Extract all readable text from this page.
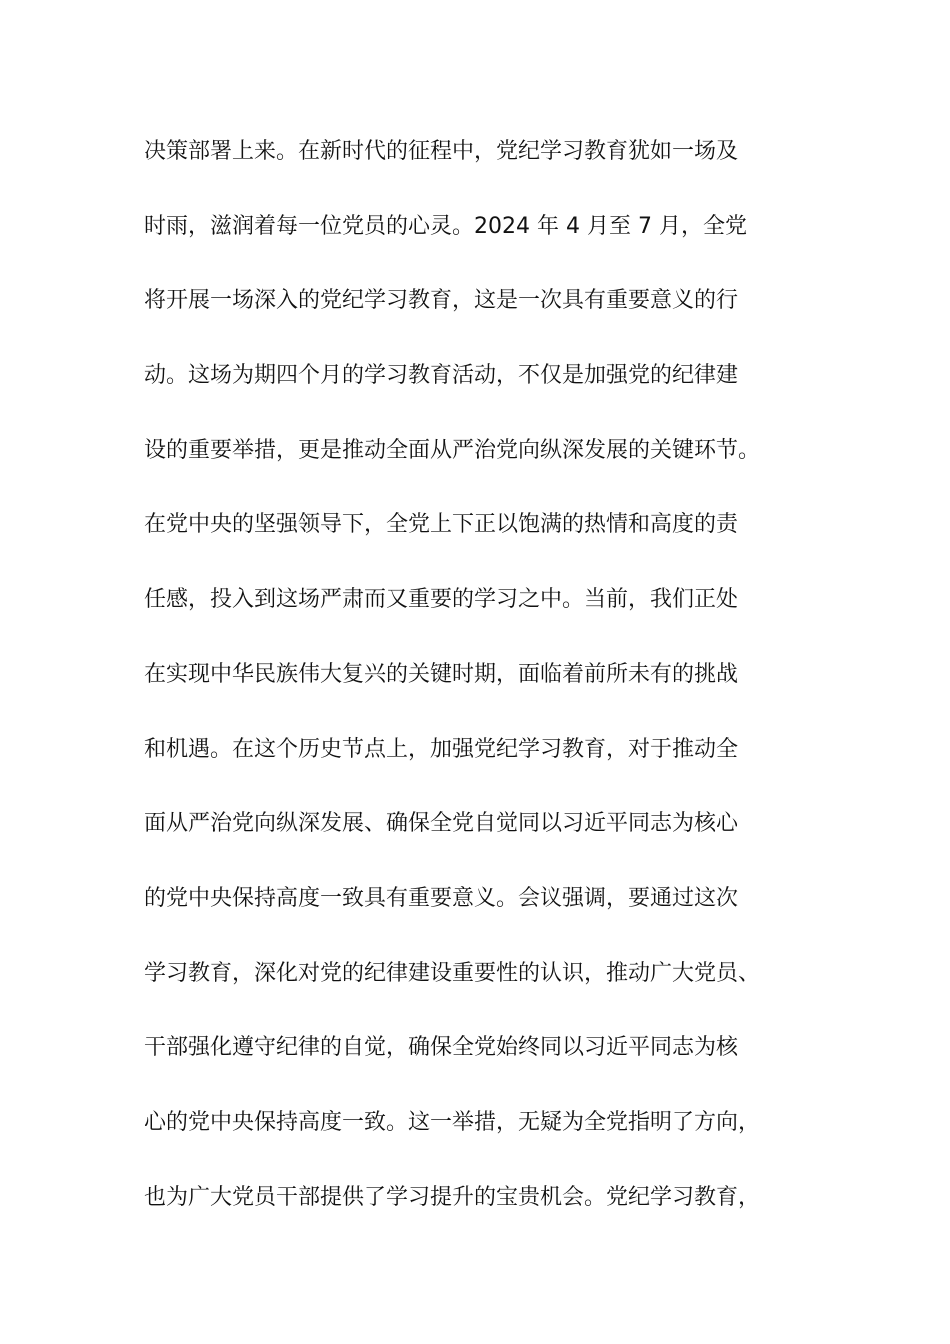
决策部署上来。在新时代的征程中，党纪学习教育犹如一场及
时雨，滋润着每一位党员的心灵。2024 年 4 月至 7 月，全党
将开展一场深入的党纪学习教育，这是一次具有重要意义的行
动。这场为期四个月的学习教育活动，不仅是加强党的纪律建
设的重要举措，更是推动全面从严治党向纵深发展的关键环节。
在党中央的坚强领导下，全党上下正以饱满的热情和高度的责
任感，投入到这场严肃而又重要的学习之中。当前，我们正处
在实现中华民族伟大复兴的关键时期，面临着前所未有的挑战
和机遇。在这个历史节点上，加强党纪学习教育，对于推动全
面从严治党向纵深发展、确保全党自觉同以习近平同志为核心
的党中央保持高度一致具有重要意义。会议强调，要通过这次
学习教育，深化对党的纪律建设重要性的认识，推动广大党员、
干部强化遵守纪律的自觉，确保全党始终同以习近平同志为核
心的党中央保持高度一致。这一举措，无疑为全党指明了方向，
也为广大党员干部提供了学习提升的宝贵机会。党纪学习教育，
